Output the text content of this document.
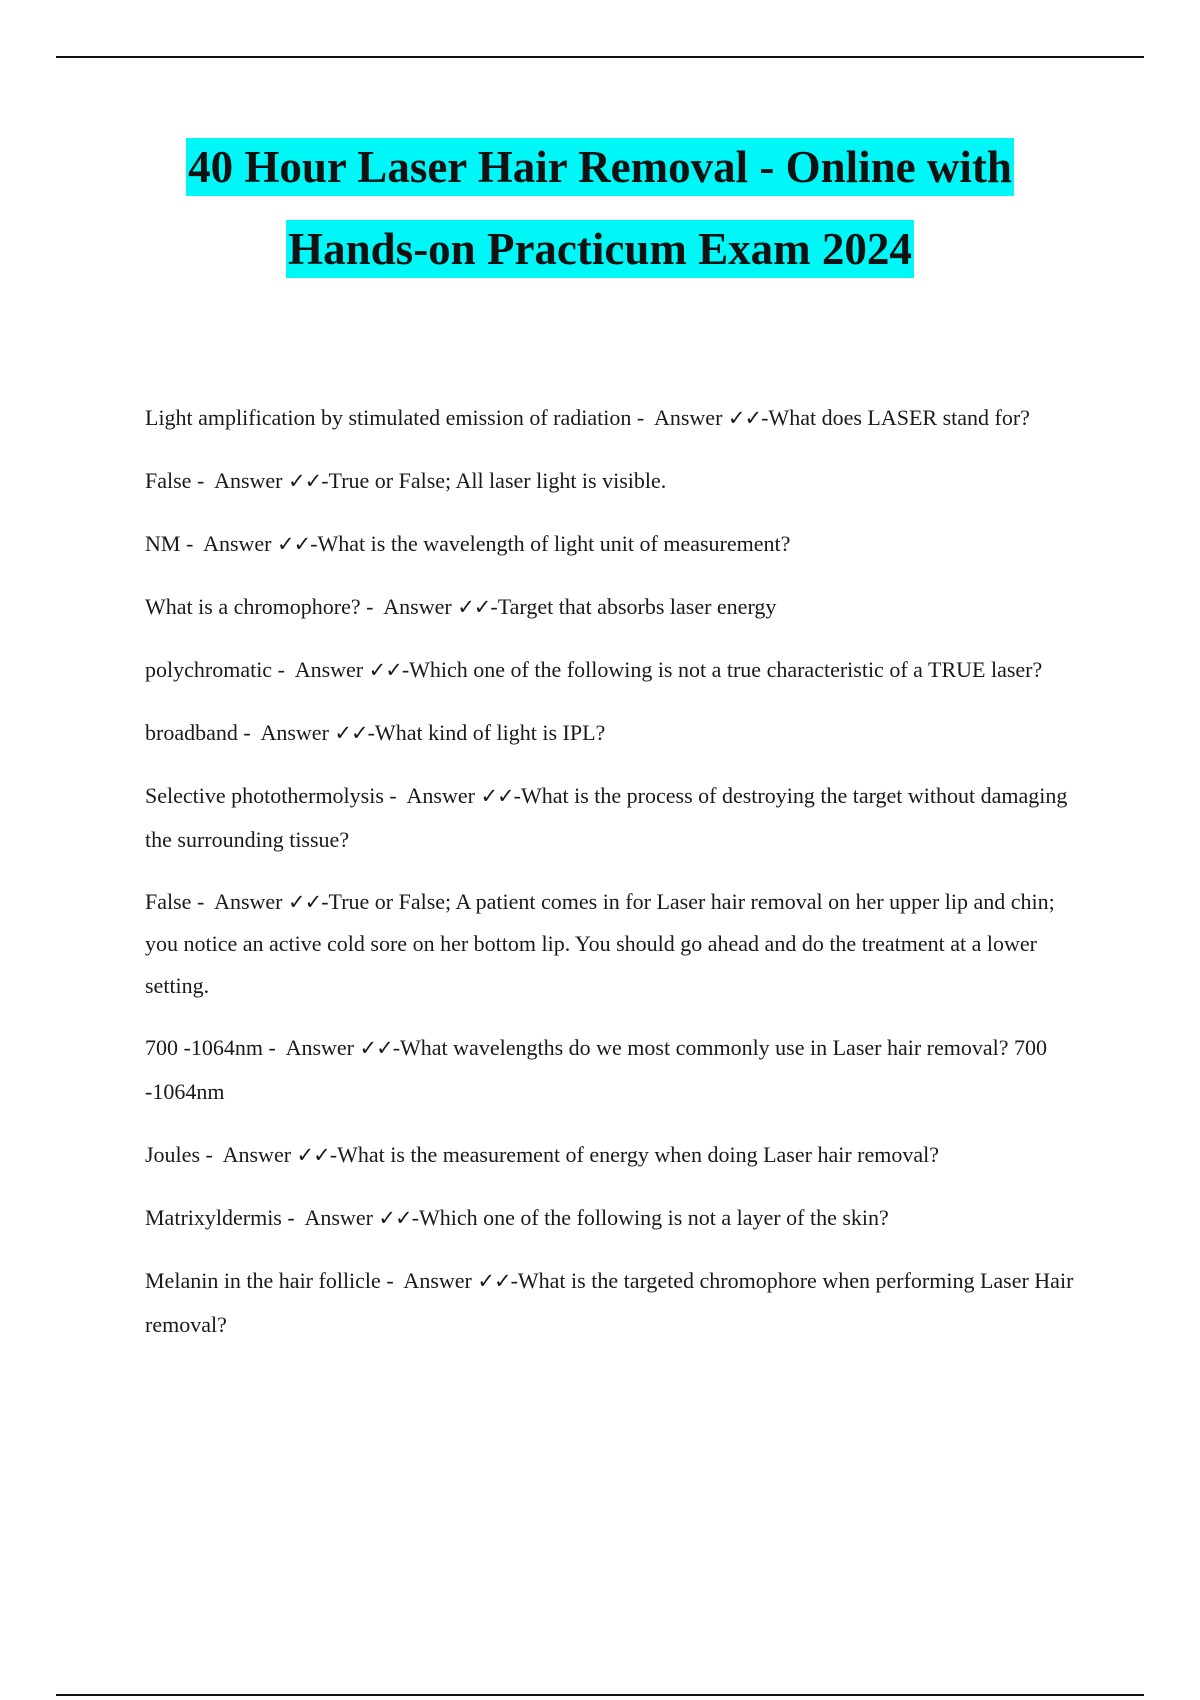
40 Hour Laser Hair Removal - Online with
Hands-on Practicum Exam 2024
Light amplification by stimulated emission of radiation -  Answer ✓✓-What does LASER stand for?
False -  Answer ✓✓-True or False; All laser light is visible.
NM -  Answer ✓✓-What is the wavelength of light unit of measurement?
What is a chromophore? -  Answer ✓✓-Target that absorbs laser energy
polychromatic -  Answer ✓✓-Which one of the following is not a true characteristic of a TRUE laser?
broadband -  Answer ✓✓-What kind of light is IPL?
Selective photothermolysis -  Answer ✓✓-What is the process of destroying the target without damaging the surrounding tissue?
False -  Answer ✓✓-True or False; A patient comes in for Laser hair removal on her upper lip and chin; you notice an active cold sore on her bottom lip. You should go ahead and do the treatment at a lower setting.
700 -1064nm -  Answer ✓✓-What wavelengths do we most commonly use in Laser hair removal? 700 -1064nm
Joules -  Answer ✓✓-What is the measurement of energy when doing Laser hair removal?
Matrixyldermis -  Answer ✓✓-Which one of the following is not a layer of the skin?
Melanin in the hair follicle -  Answer ✓✓-What is the targeted chromophore when performing Laser Hair removal?
